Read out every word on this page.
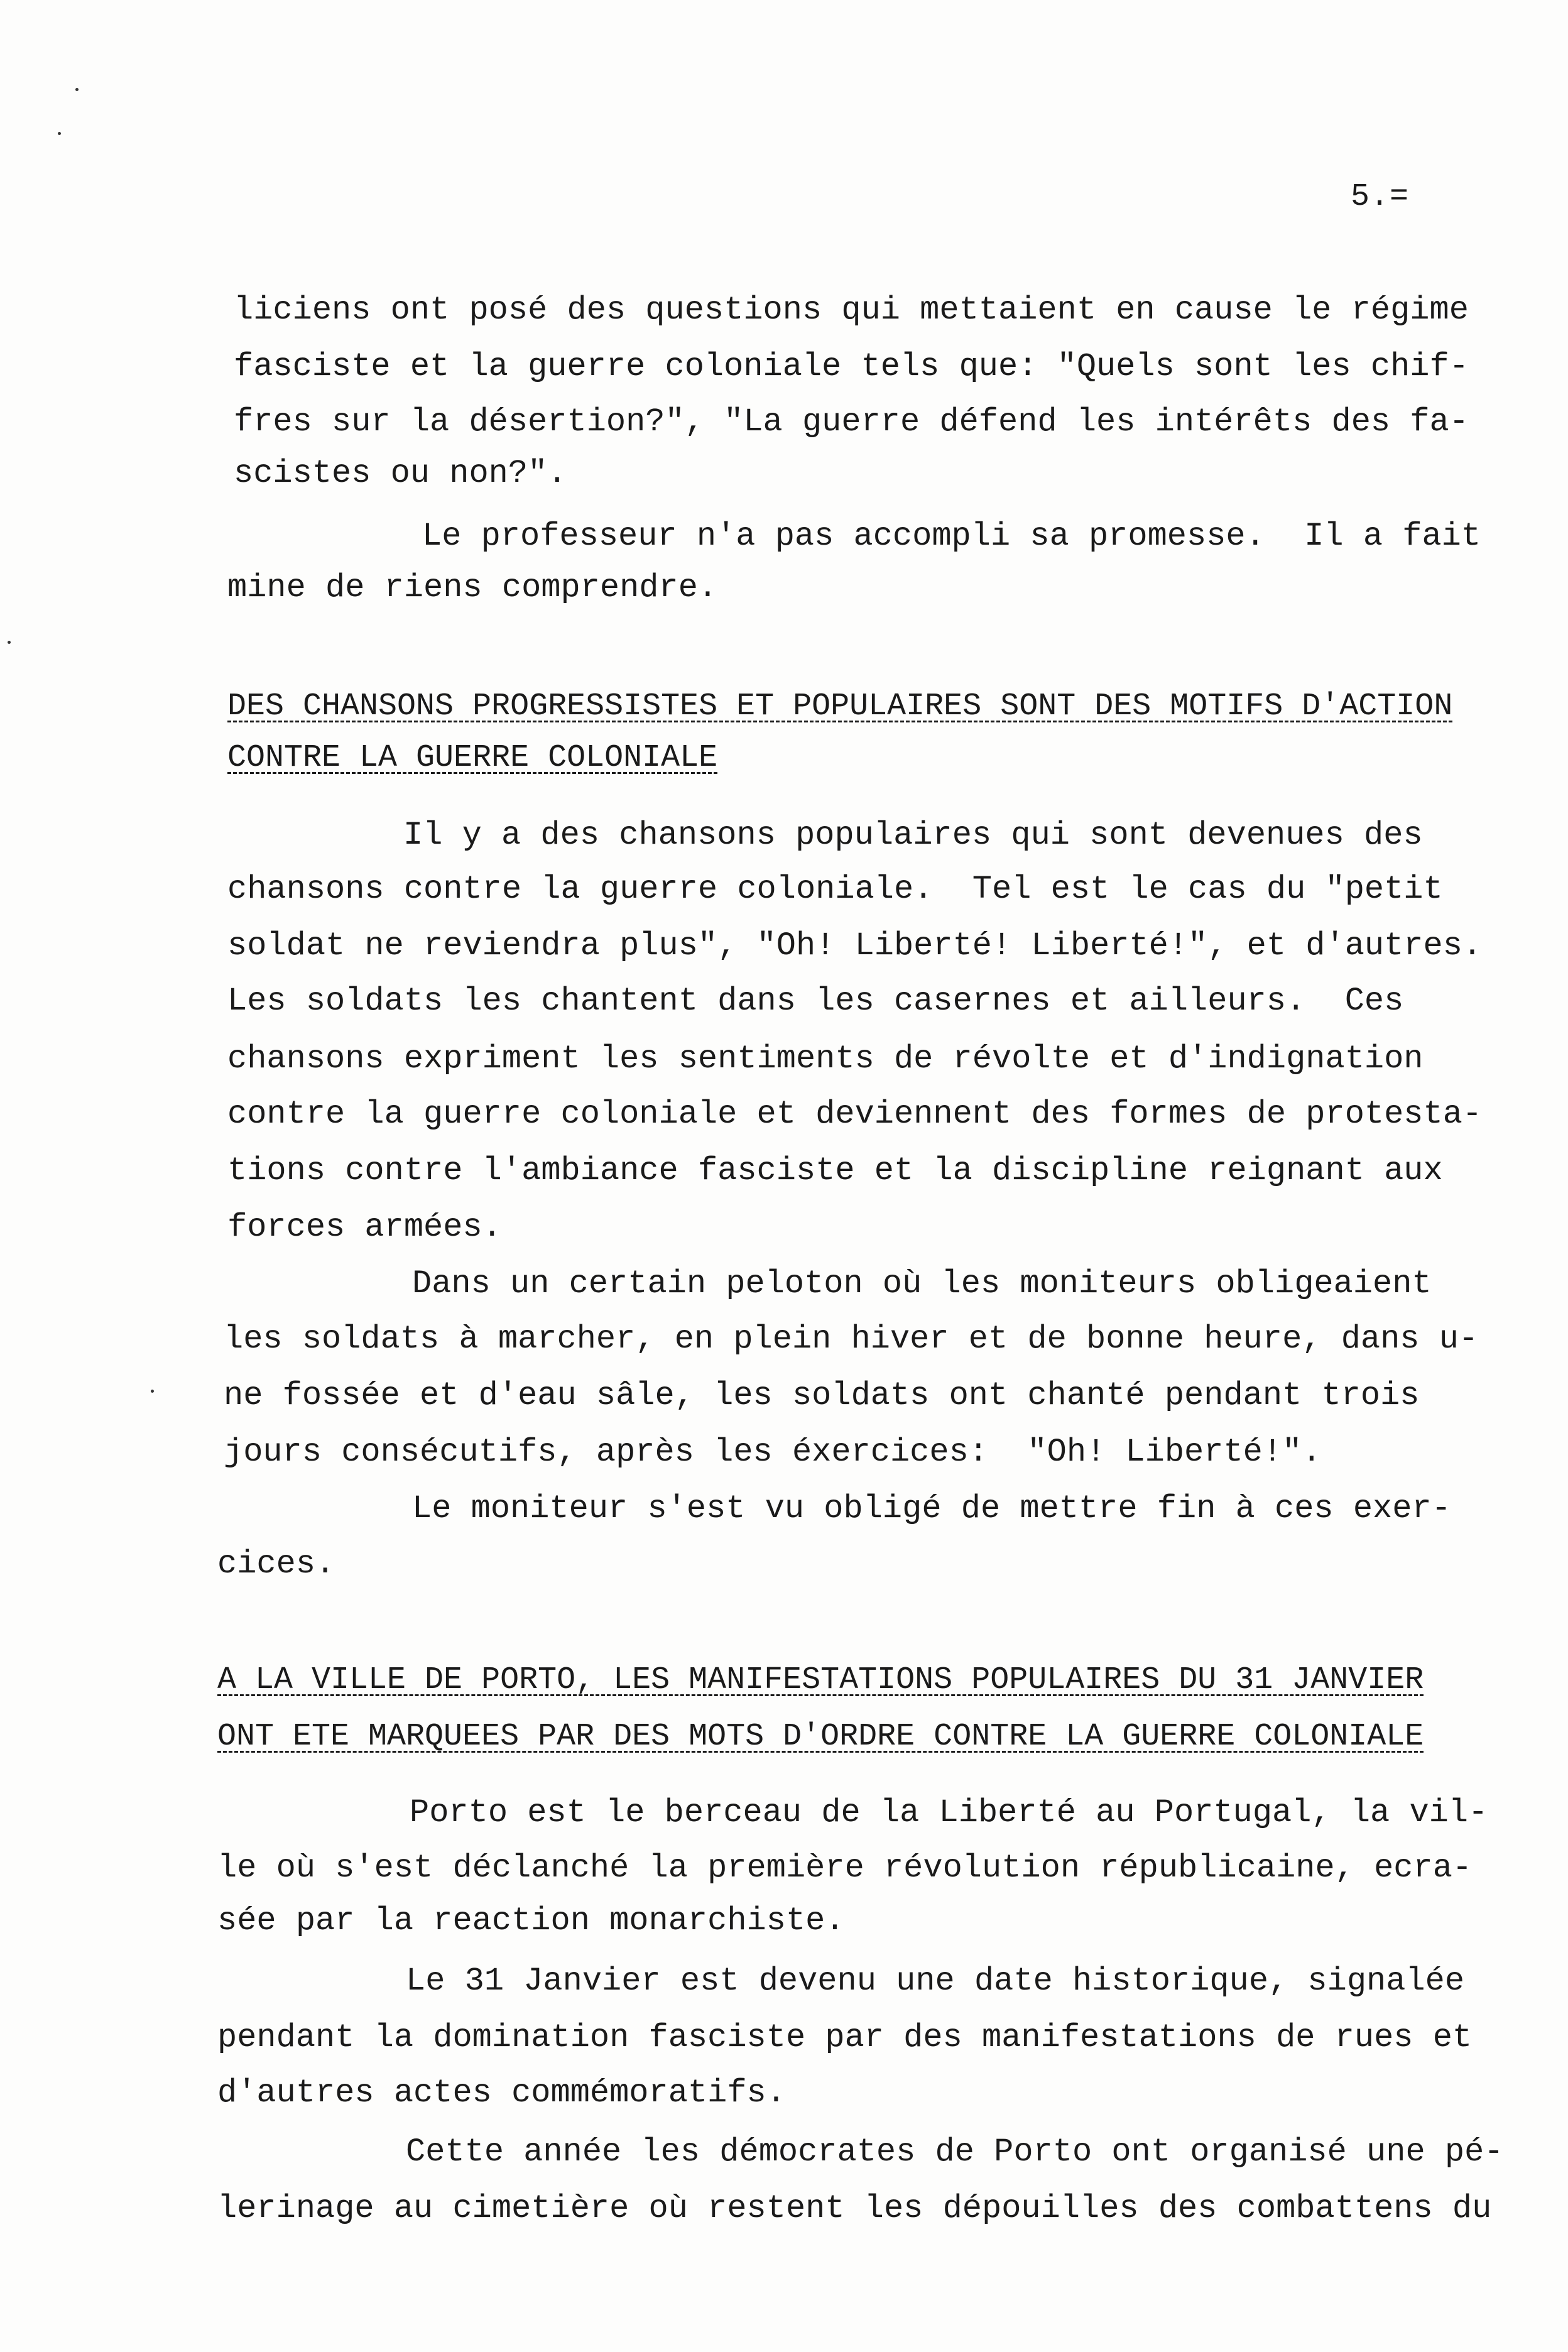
5.=
liciens ont posé des questions qui mettaient en cause le régime
fasciste et la guerre coloniale tels que: "Quels sont les chif-
fres sur la désertion?", "La guerre défend les intérêts des fa-
scistes ou non?".
Le professeur n'a pas accompli sa promesse.  Il a fait
mine de riens comprendre.
DES CHANSONS PROGRESSISTES ET POPULAIRES SONT DES MOTIFS D'ACTION
CONTRE LA GUERRE COLONIALE
Il y a des chansons populaires qui sont devenues des
chansons contre la guerre coloniale.  Tel est le cas du "petit
soldat ne reviendra plus", "Oh! Liberté! Liberté!", et d'autres.
Les soldats les chantent dans les casernes et ailleurs.  Ces
chansons expriment les sentiments de révolte et d'indignation
contre la guerre coloniale et deviennent des formes de protesta-
tions contre l'ambiance fasciste et la discipline reignant aux
forces armées.
Dans un certain peloton où les moniteurs obligeaient
les soldats à marcher, en plein hiver et de bonne heure, dans u-
ne fossée et d'eau sâle, les soldats ont chanté pendant trois
jours consécutifs, après les éxercices:  "Oh! Liberté!".
Le moniteur s'est vu obligé de mettre fin à ces exer-
cices.
A LA VILLE DE PORTO, LES MANIFESTATIONS POPULAIRES DU 31 JANVIER
ONT ETE MARQUEES PAR DES MOTS D'ORDRE CONTRE LA GUERRE COLONIALE
Porto est le berceau de la Liberté au Portugal, la vil-
le où s'est déclanché la première révolution républicaine, ecra-
sée par la reaction monarchiste.
Le 31 Janvier est devenu une date historique, signalée
pendant la domination fasciste par des manifestations de rues et
d'autres actes commémoratifs.
Cette année les démocrates de Porto ont organisé une pé-
lerinage au cimetière où restent les dépouilles des combattens du
